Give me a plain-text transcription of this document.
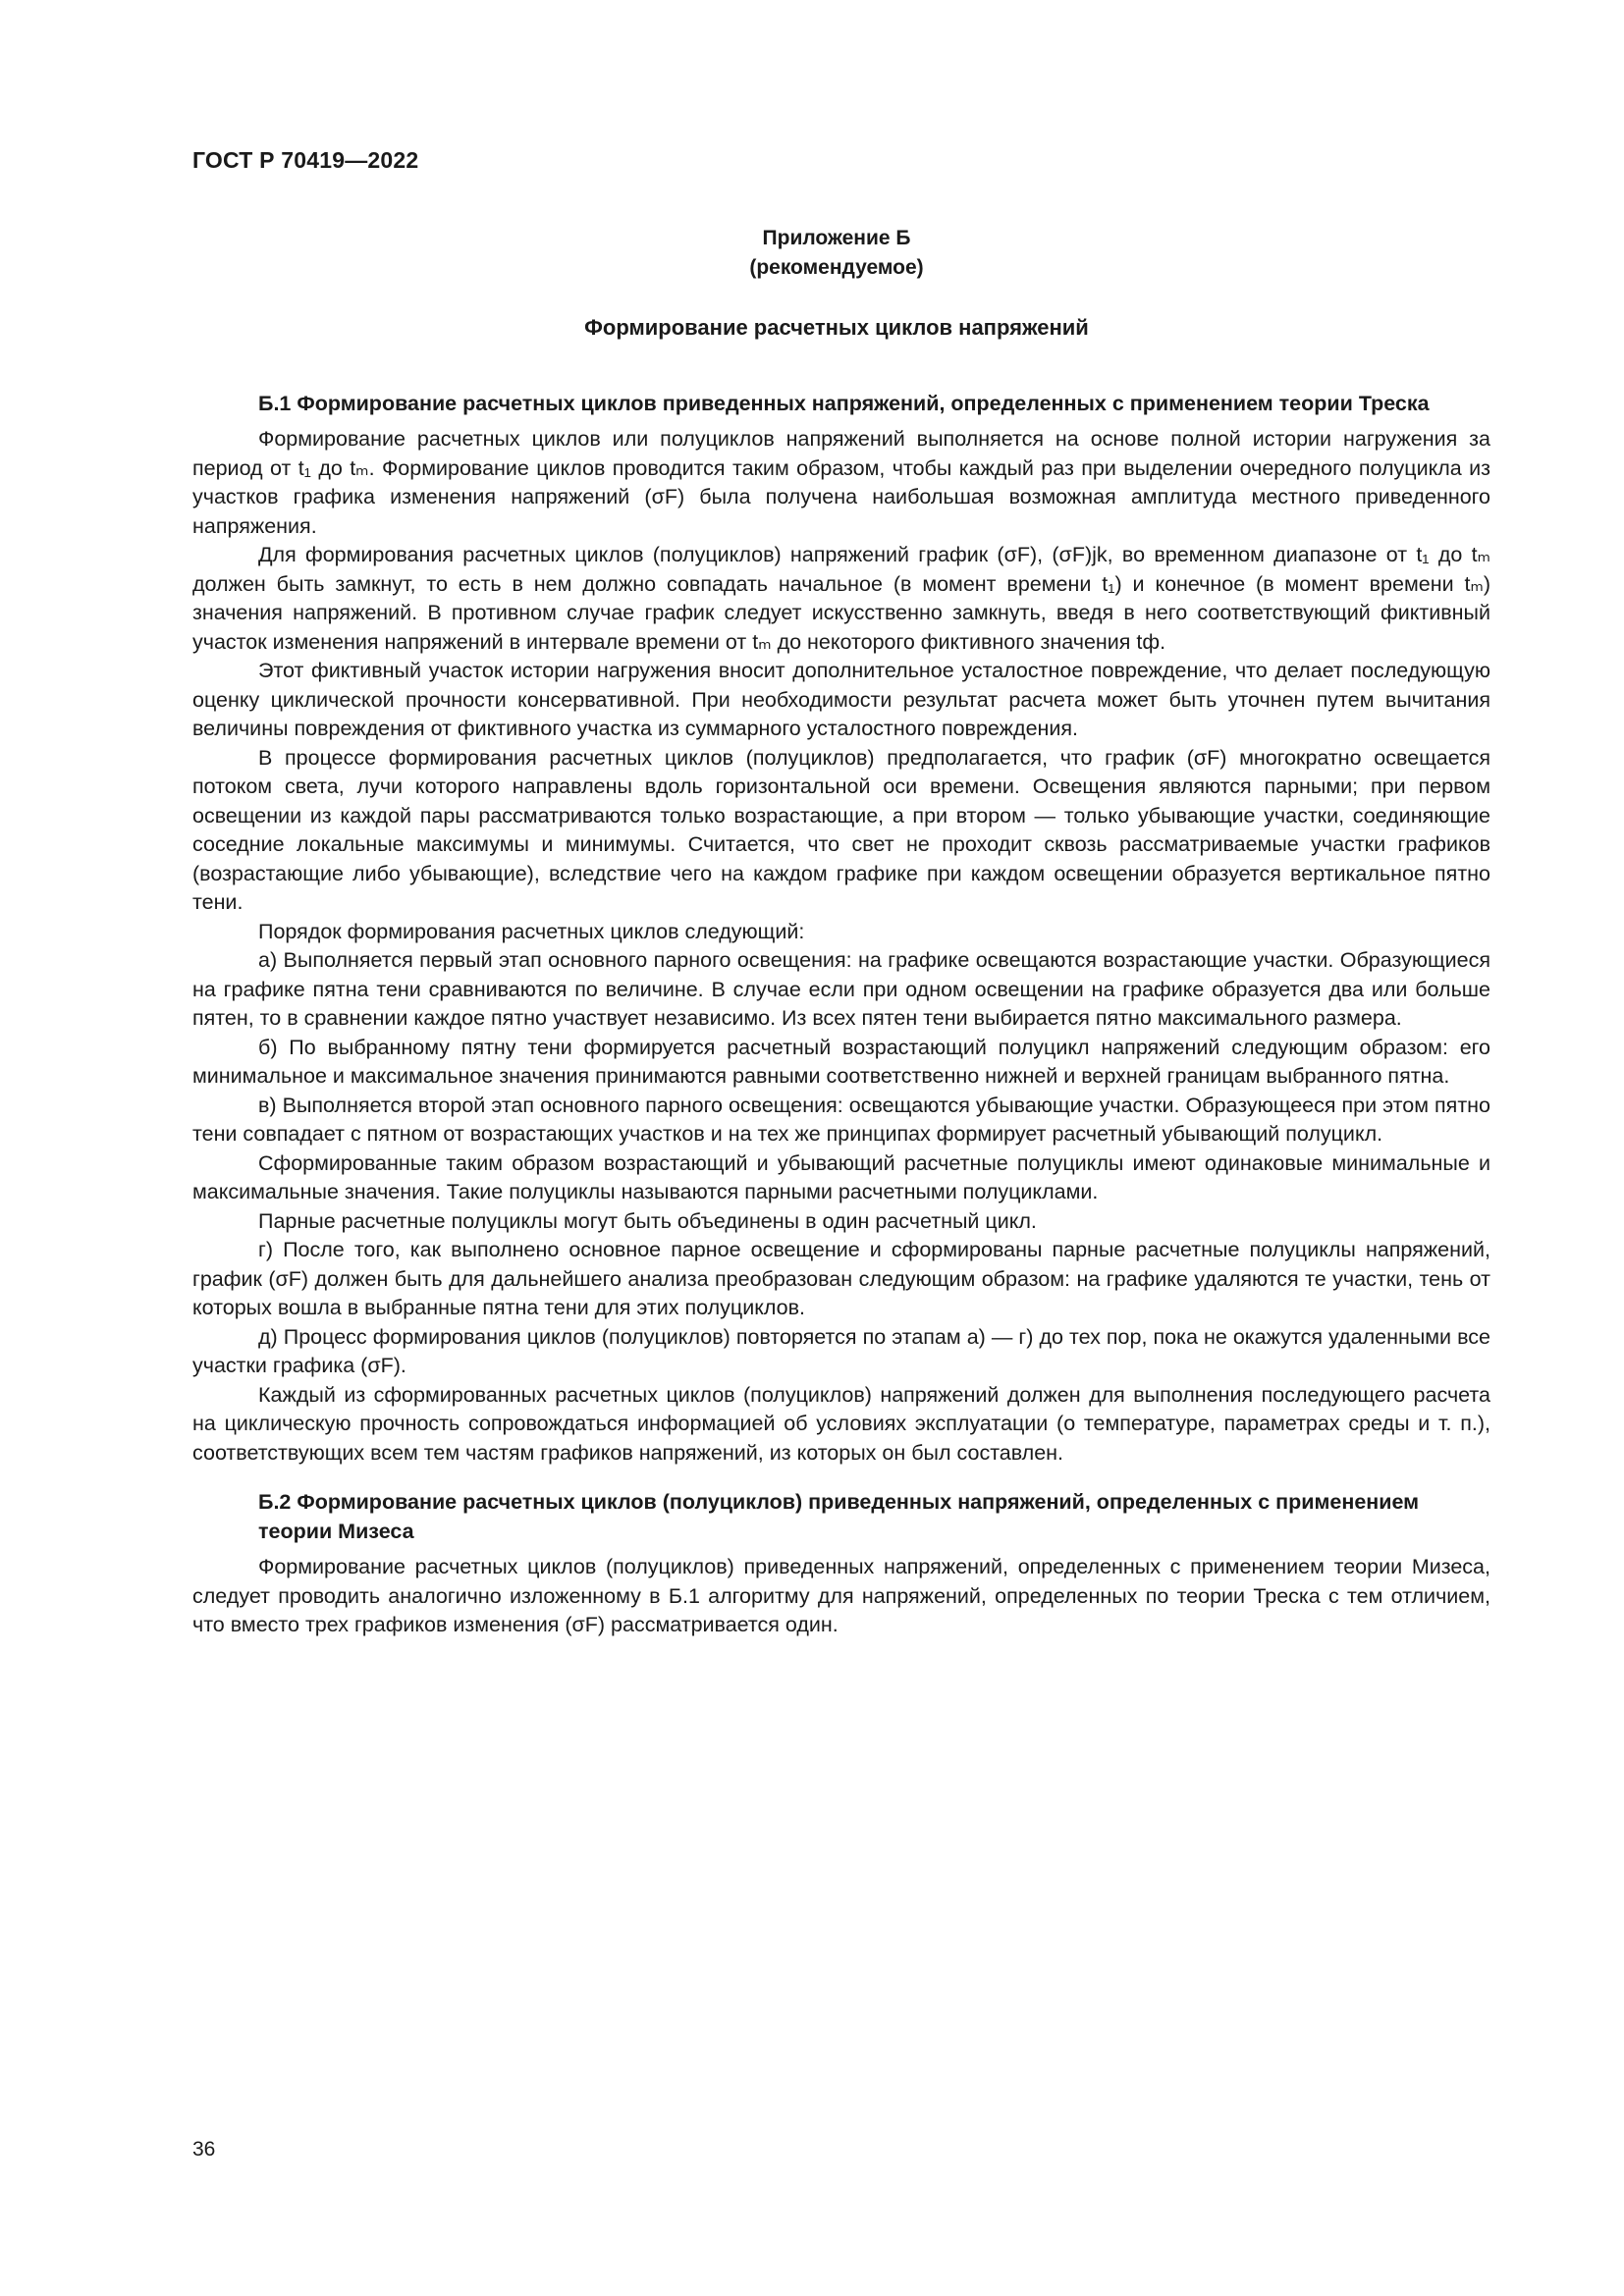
ГОСТ Р 70419—2022
Приложение Б
(рекомендуемое)
Формирование расчетных циклов напряжений
Б.1 Формирование расчетных циклов приведенных напряжений, определенных с применением теории Треска

Формирование расчетных циклов или полуциклов напряжений выполняется на основе полной истории нагружения за период от t₁ до tₘ. Формирование циклов проводится таким образом, чтобы каждый раз при выделении очередного полуцикла из участков графика изменения напряжений (σF) была получена наибольшая возможная амплитуда местного приведенного напряжения.

Для формирования расчетных циклов (полуциклов) напряжений график (σF), (σF)jk, во временном диапазоне от t₁ до tₘ должен быть замкнут, то есть в нем должно совпадать начальное (в момент времени t₁) и конечное (в момент времени tₘ) значения напряжений. В противном случае график следует искусственно замкнуть, введя в него соответствующий фиктивный участок изменения напряжений в интервале времени от tₘ до некоторого фиктивного значения tф.

Этот фиктивный участок истории нагружения вносит дополнительное усталостное повреждение, что делает последующую оценку циклической прочности консервативной. При необходимости результат расчета может быть уточнен путем вычитания величины повреждения от фиктивного участка из суммарного усталостного повреждения.

В процессе формирования расчетных циклов (полуциклов) предполагается, что график (σF) многократно освещается потоком света, лучи которого направлены вдоль горизонтальной оси времени. Освещения являются парными; при первом освещении из каждой пары рассматриваются только возрастающие, а при втором — только убывающие участки, соединяющие соседние локальные максимумы и минимумы. Считается, что свет не проходит сквозь рассматриваемые участки графиков (возрастающие либо убывающие), вследствие чего на каждом графике при каждом освещении образуется вертикальное пятно тени.

Порядок формирования расчетных циклов следующий:

а) Выполняется первый этап основного парного освещения: на графике освещаются возрастающие участки. Образующиеся на графике пятна тени сравниваются по величине. В случае если при одном освещении на графике образуется два или больше пятен, то в сравнении каждое пятно участвует независимо. Из всех пятен тени выбирается пятно максимального размера.

б) По выбранному пятну тени формируется расчетный возрастающий полуцикл напряжений следующим образом: его минимальное и максимальное значения принимаются равными соответственно нижней и верхней границам выбранного пятна.

в) Выполняется второй этап основного парного освещения: освещаются убывающие участки. Образующееся при этом пятно тени совпадает с пятном от возрастающих участков и на тех же принципах формирует расчетный убывающий полуцикл.

Сформированные таким образом возрастающий и убывающий расчетные полуциклы имеют одинаковые минимальные и максимальные значения. Такие полуциклы называются парными расчетными полуциклами.

Парные расчетные полуциклы могут быть объединены в один расчетный цикл.

г) После того, как выполнено основное парное освещение и сформированы парные расчетные полуциклы напряжений, график (σF) должен быть для дальнейшего анализа преобразован следующим образом: на графике удаляются те участки, тень от которых вошла в выбранные пятна тени для этих полуциклов.

д) Процесс формирования циклов (полуциклов) повторяется по этапам а) — г) до тех пор, пока не окажутся удаленными все участки графика (σF).

Каждый из сформированных расчетных циклов (полуциклов) напряжений должен для выполнения последующего расчета на циклическую прочность сопровождаться информацией об условиях эксплуатации (о температуре, параметрах среды и т. п.), соответствующих всем тем частям графиков напряжений, из которых он был составлен.

Б.2 Формирование расчетных циклов (полуциклов) приведенных напряжений, определенных с применением теории Мизеса

Формирование расчетных циклов (полуциклов) приведенных напряжений, определенных с применением теории Мизеса, следует проводить аналогично изложенному в Б.1 алгоритму для напряжений, определенных по теории Треска с тем отличием, что вместо трех графиков изменения (σF) рассматривается один.

36
